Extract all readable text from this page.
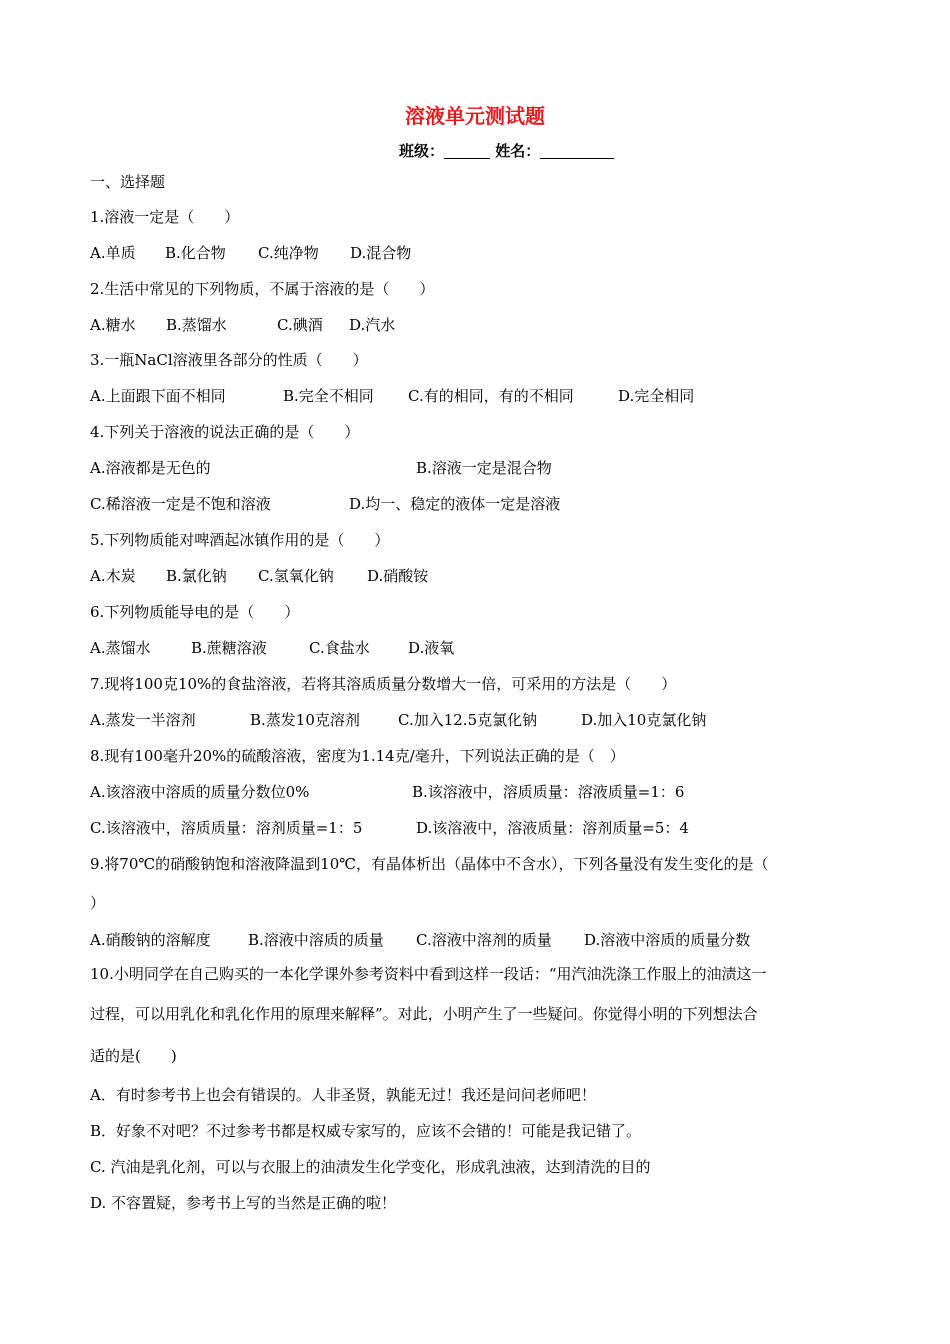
溶液单元测试题
班级：	姓名：
一、选择题
1.溶液一定是（　　）
A.单质 B.化合物 C.纯净物 D.混合物
2.生活中常见的下列物质，不属于溶液的是（　　）
A.糖水 B.蒸馏水	C.碘酒 D.汽水
3.一瓶NaCl溶液里各部分的性质（　　）
A.上面跟下面不相同	B.完全不相同 C.有的相同，有的不相同	D.完全相同
4.下列关于溶液的说法正确的是（　　）
A.溶液都是无色的	B.溶液一定是混合物
C.稀溶液一定是不饱和溶液	D.均一、稳定的液体一定是溶液
5.下列物质能对啤酒起冰镇作用的是（　　）
A.木炭 B.氯化钠 C.氢氧化钠 D.硝酸铵
6.下列物质能导电的是（　　）
A.蒸馏水	B.蔗糖溶液	C.食盐水	D.液氧
7.现将100克10%的食盐溶液，若将其溶质质量分数增大一倍，可采用的方法是（　　）
A.蒸发一半溶剂	B.蒸发10克溶剂	C.加入12.5克氯化钠	D.加入10克氯化钠
8.现有100毫升20%的硫酸溶液，密度为1.14克/毫升，下列说法正确的是（　）
A.该溶液中溶质的质量分数位0%	B.该溶液中，溶质质量：溶液质量=1：6
C.该溶液中，溶质质量：溶剂质量=1：5	D.该溶液中，溶液质量：溶剂质量=5：4
9.将70℃的硝酸钠饱和溶液降温到10℃，有晶体析出（晶体中不含水），下列各量没有发生变化的是（
）
A.硝酸钠的溶解度 B.溶液中溶质的质量 C.溶液中溶剂的质量 D.溶液中溶质的质量分数
10.小明同学在自己购买的一本化学课外参考资料中看到这样一段话：“用汽油洗涤工作服上的油渍这一
过程，可以用乳化和乳化作用的原理来解释”。对此，小明产生了一些疑问。你觉得小明的下列想法合
适的是(　　)
A．有时参考书上也会有错误的。人非圣贤，孰能无过！我还是问问老师吧！
B．好象不对吧？不过参考书都是权威专家写的，应该不会错的！可能是我记错了。
C. 汽油是乳化剂，可以与衣服上的油渍发生化学变化，形成乳浊液，达到清洗的目的
D. 不容置疑，参考书上写的当然是正确的啦！
